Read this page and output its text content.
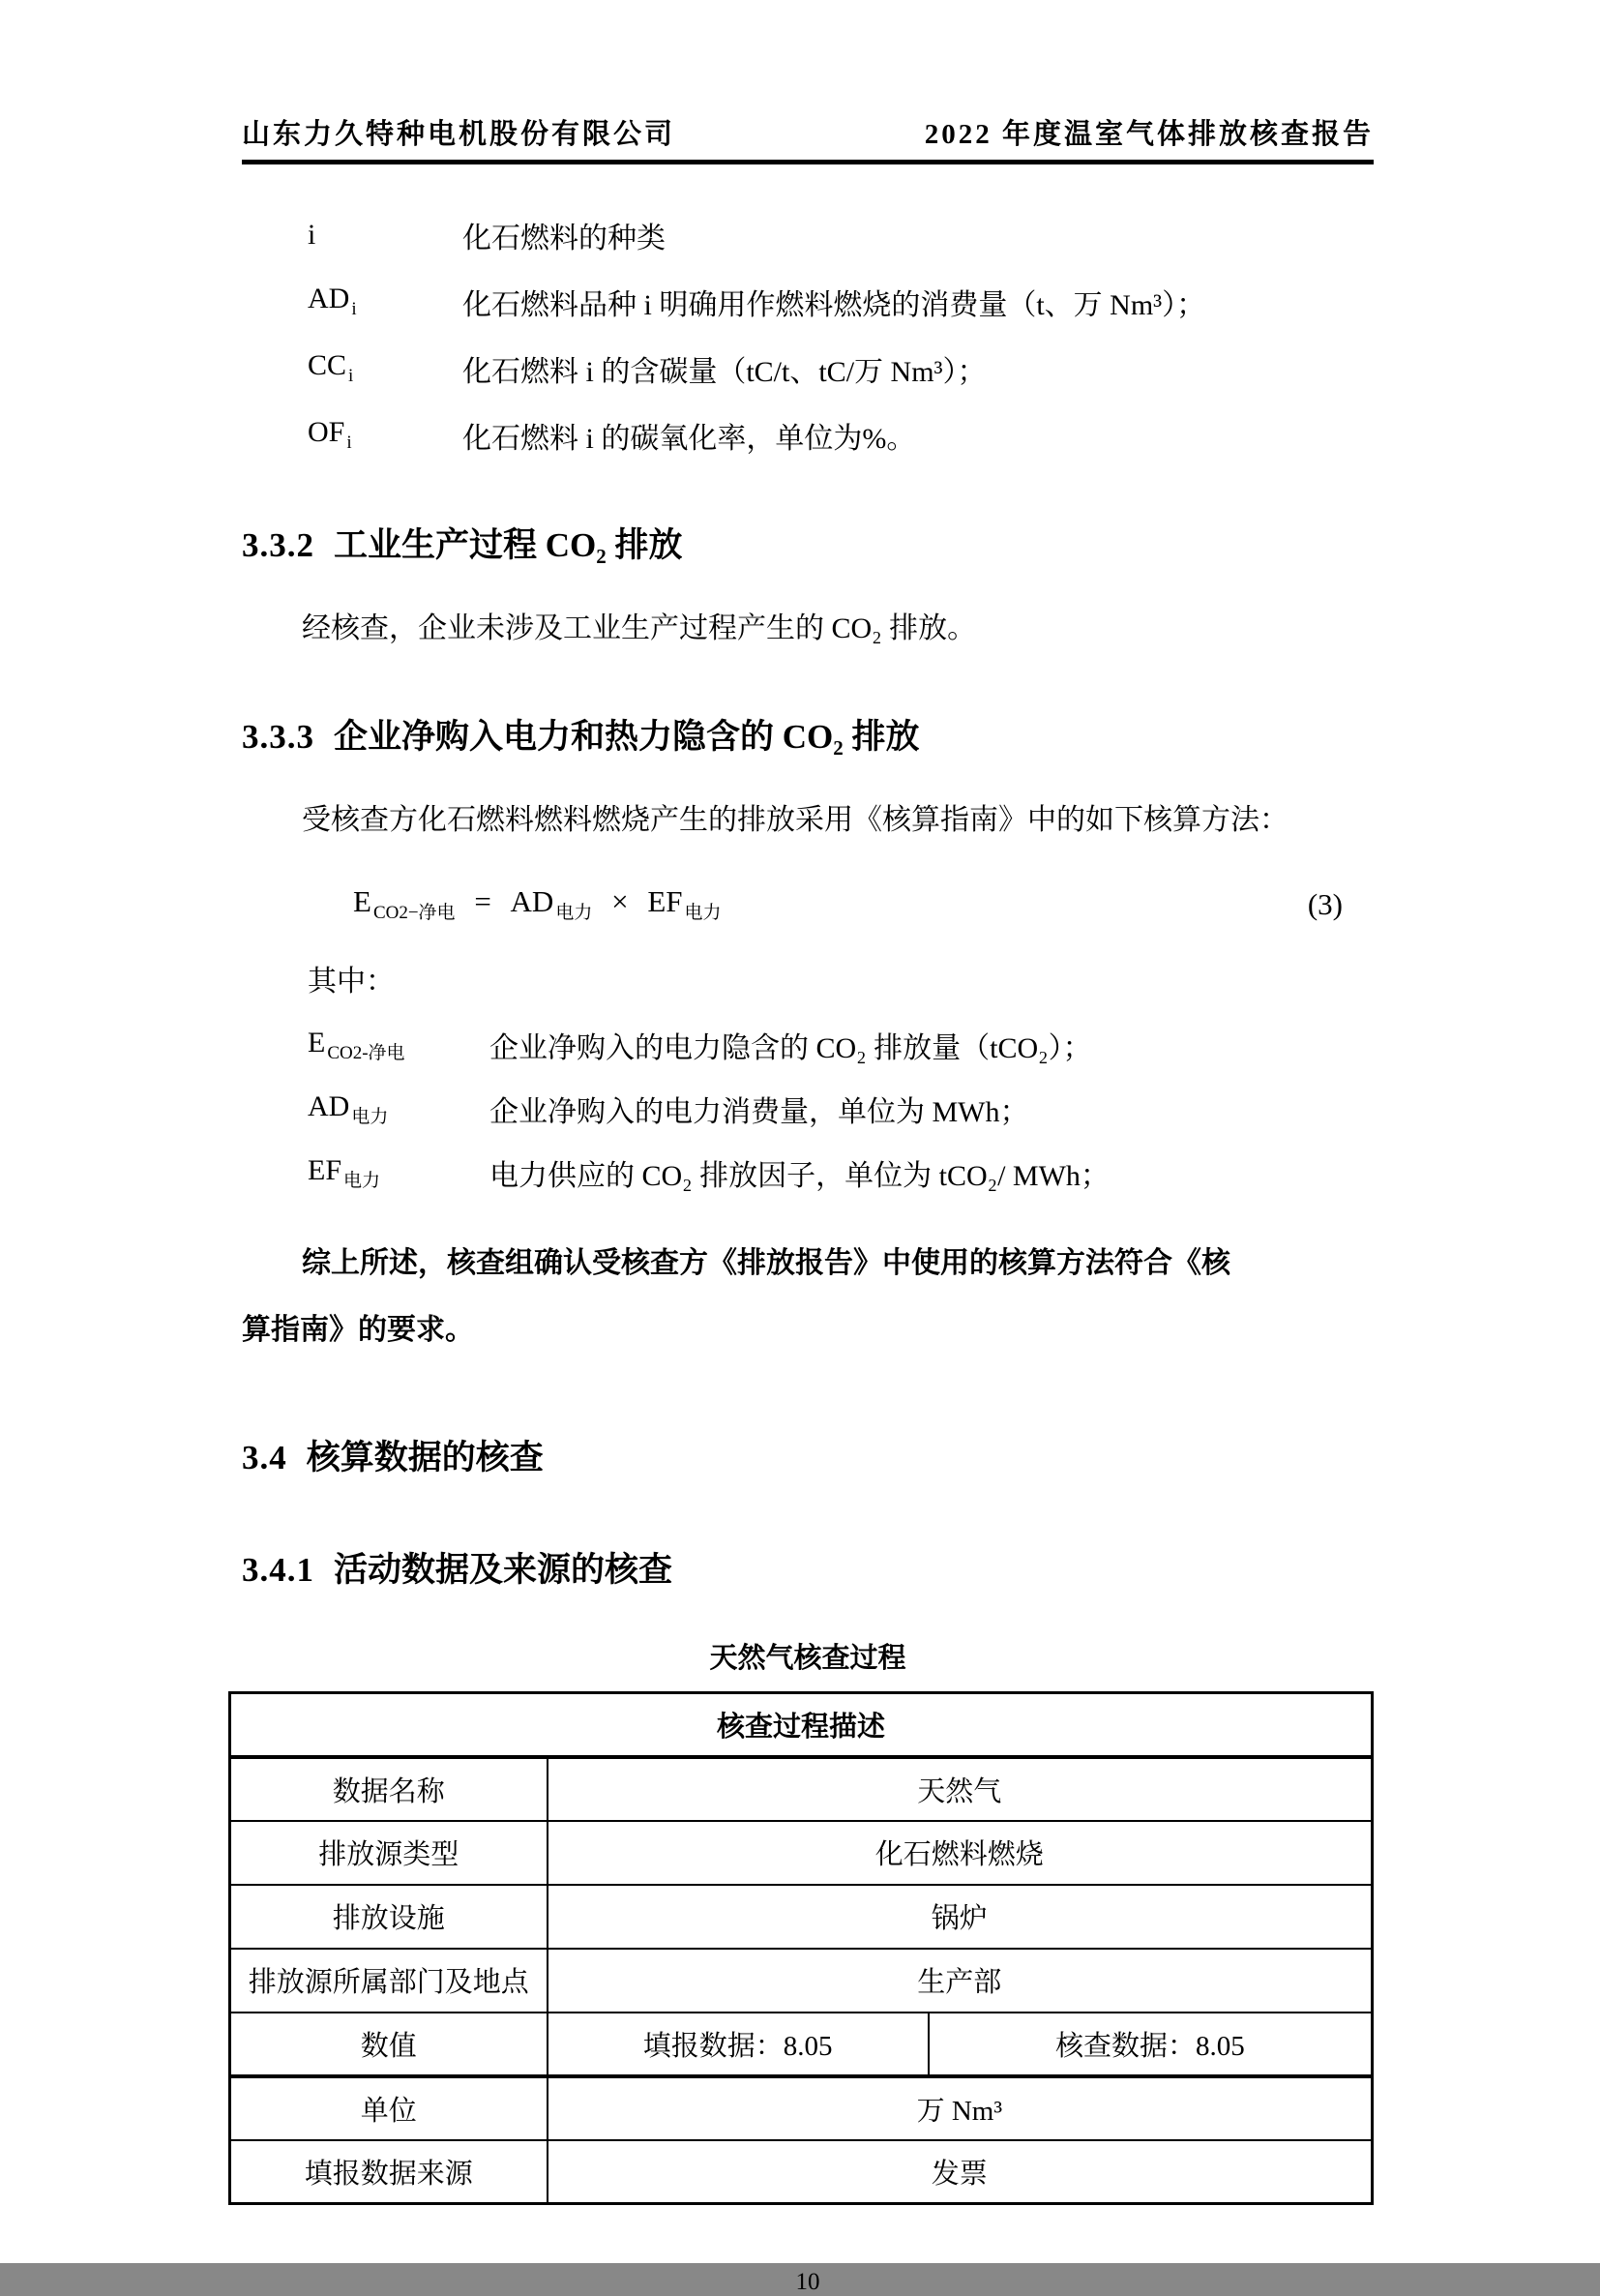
山东力久特种电机股份有限公司	2022 年度温室气体排放核查报告
i	化石燃料的种类
AD $_i$	化石燃料品种 i 明确用作燃料燃烧的消费量（t、万 Nm³）；
CC $_i$	化石燃料 i 的含碳量（tC/t、tC/万 Nm³）；
OF $_i$	化石燃料 i 的碳氧化率，单位为%。
3.3.2 工业生产过程 CO₂ 排放
经核查，企业未涉及工业生产过程产生的 CO₂ 排放。
3.3.3 企业净购入电力和热力隐含的 CO₂ 排放
受核查方化石燃料燃料燃烧产生的排放采用《核算指南》中的如下核算方法：
E $_{CO2-净电}$ = AD $_{电力}$ × EF $_{电力}$	(3)
其中：
E $_{CO2-净电}$	企业净购入的电力隐含的 CO₂ 排放量（tCO₂）；
AD $_{电力}$	企业净购入的电力消费量，单位为 MWh；
EF $_{电力}$	电力供应的 CO₂ 排放因子，单位为 tCO₂/ MWh；
综上所述，核查组确认受核查方《排放报告》中使用的核算方法符合《核
算指南》的要求。
3.4 核算数据的核查
3.4.1 活动数据及来源的核查
天然气核查过程
核查过程描述		
数据名称	天然气	
排放源类型	化石燃料燃烧	
排放设施	锅炉	
排放源所属部门及地点	生产部	
数值	填报数据：8.05	核查数据：8.05
单位	万 Nm³	
填报数据来源	发票	
10
